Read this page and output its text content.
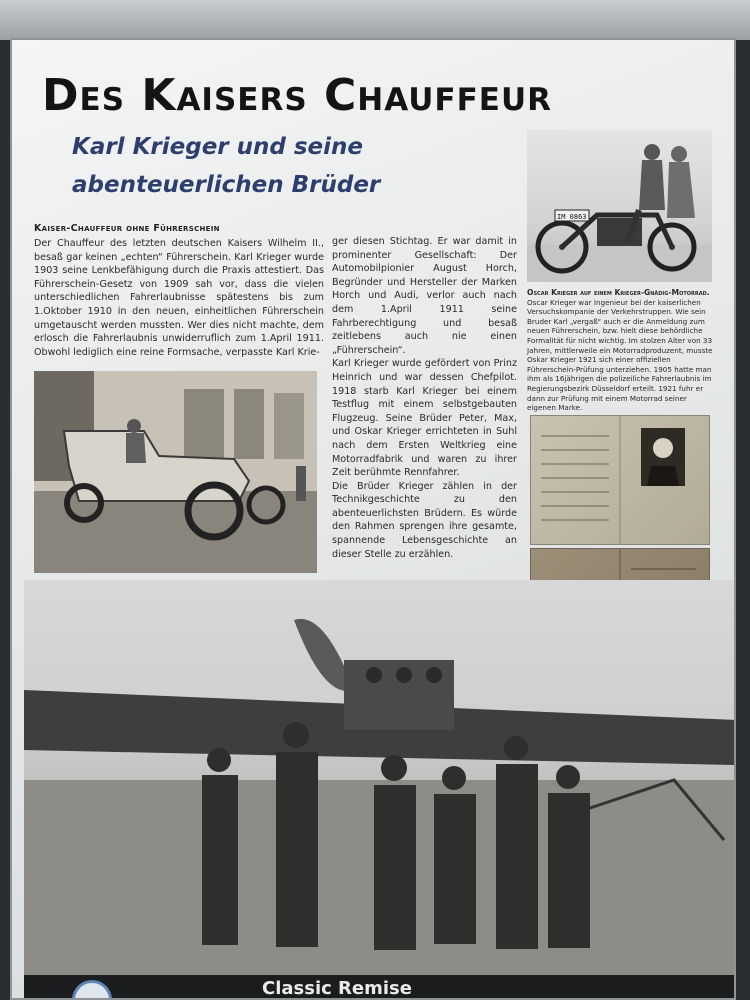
Des Kaisers Chauffeur
Karl Krieger und seine abenteuerlichen Brüder
IM 0863
Oscar Krieger auf einem Krieger-Gnädig-Motorrad.
Oscar Krieger war Ingenieur bei der kaiserlichen Versuchskompanie der Verkehrstruppen. Wie sein Bruder Karl „vergaß“ auch er die Anmeldung zum neuen Führerschein, bzw. hielt diese behördliche Formalität für nicht wichtig. Im stolzen Alter von 33 Jahren, mittlerweile ein Motorradproduzent, musste Oskar Krieger 1921 sich einer offiziellen Führerschein-Prüfung unterziehen. 1905 hatte man ihm als 16jährigen die polizeiliche Fahrerlaubnis im Regierungsbezirk Düsseldorf erteilt. 1921 fuhr er dann zur Prüfung mit einem Motorrad seiner eigenen Marke.
Kaiser-Chauffeur ohne Führerschein
Der Chauffeur des letzten deutschen Kaisers Wilhelm II., besaß gar keinen „echten“ Führerschein. Karl Krieger wurde 1903 seine Lenkbefähigung durch die Praxis attestiert. Das Führerschein-Gesetz von 1909 sah vor, dass die vielen unterschiedlichen Fahrerlaubnisse spätestens bis zum 1.Oktober 1910 in den neuen, einheitlichen Führerschein umgetauscht werden mussten. Wer dies nicht machte, dem erlosch die Fahrerlaubnis unwiderruflich zum 1.April 1911. Obwohl lediglich eine reine Formsache, verpasste Karl Krie-

ger diesen Stichtag. Er war damit in prominenter Gesellschaft: Der Automobilpionier August Horch, Begründer und Hersteller der Marken Horch und Audi, verlor auch nach dem 1.April 1911 seine Fahrberechtigung und besaß zeitlebens auch nie einen „Führerschein“.

Karl Krieger wurde gefördert von Prinz Heinrich und war dessen Chefpilot. 1918 starb Karl Krieger bei einem Testflug mit einem selbstgebauten Flugzeug. Seine Brüder Peter, Max, und Oskar Krieger errichteten in Suhl nach dem Ersten Weltkrieg eine Motorradfabrik und waren zu ihrer Zeit berühmte Rennfahrer.

Die Brüder Krieger zählen in der Technikgeschichte zu den abenteuerlichsten Brüdern. Es würde den Rahmen sprengen ihre gesamte, spannende Lebensgeschichte an dieser Stelle zu erzählen.

Classic Remise
